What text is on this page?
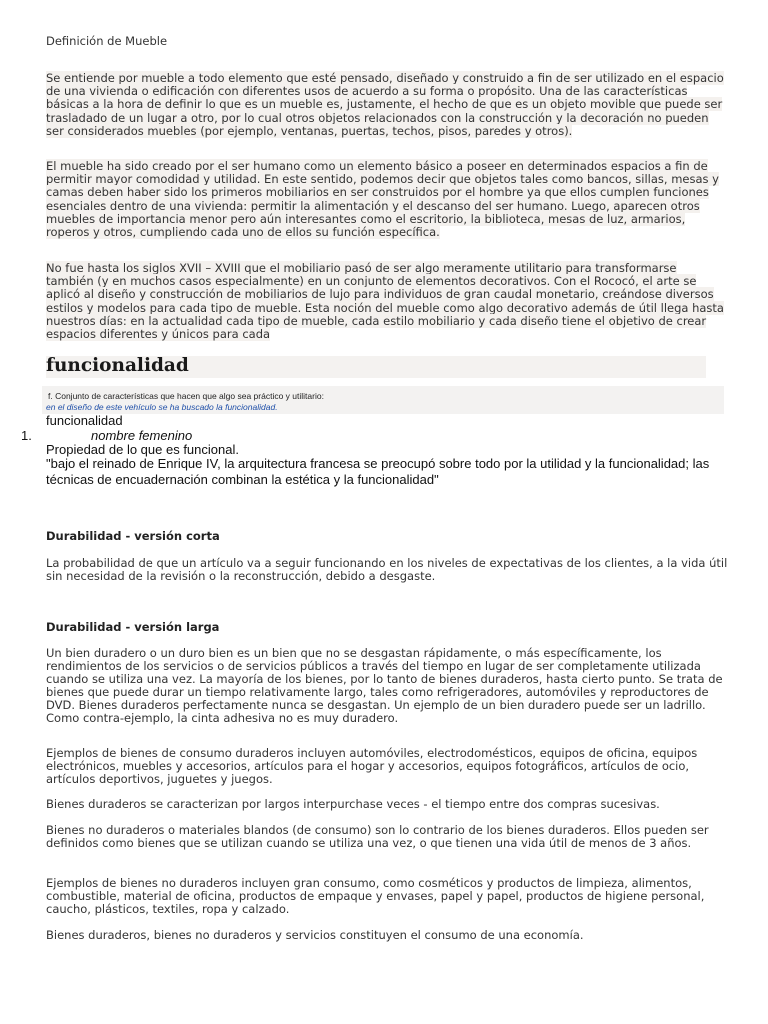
Definición de Mueble

Se entiende por mueble a todo elemento que esté pensado, diseñado y construido a fin de ser utilizado en el espacio de una vivienda o edificación con diferentes usos de acuerdo a su forma o propósito. Una de las características básicas a la hora de definir lo que es un mueble es, justamente, el hecho de que es un objeto movible que puede ser trasladado de un lugar a otro, por lo cual otros objetos relacionados con la construcción y la decoración no pueden ser considerados muebles (por ejemplo, ventanas, puertas, techos, pisos, paredes y otros).

El mueble ha sido creado por el ser humano como un elemento básico a poseer en determinados espacios a fin de permitir mayor comodidad y utilidad. En este sentido, podemos decir que objetos tales como bancos, sillas, mesas y camas deben haber sido los primeros mobiliarios en ser construidos por el hombre ya que ellos cumplen funciones esenciales dentro de una vivienda: permitir la alimentación y el descanso del ser humano. Luego, aparecen otros muebles de importancia menor pero aún interesantes como el escritorio, la biblioteca, mesas de luz, armarios, roperos y otros, cumpliendo cada uno de ellos su función específica.

No fue hasta los siglos XVII – XVIII que el mobiliario pasó de ser algo meramente utilitario para transformarse también (y en muchos casos especialmente) en un conjunto de elementos decorativos. Con el Rococó, el arte se aplicó al diseño y construcción de mobiliarios de lujo para individuos de gran caudal monetario, creándose diversos estilos y modelos para cada tipo de mueble. Esta noción del mueble como algo decorativo además de útil llega hasta nuestros días: en la actualidad cada tipo de mueble, cada estilo mobiliario y cada diseño tiene el objetivo de crear espacios diferentes y únicos para cada

funcionalidad
f. Conjunto de características que hacen que algo sea práctico y utilitario:
en el diseño de este vehículo se ha buscado la funcionalidad.
funcionalidad
1.	nombre femenino
Propiedad de lo que es funcional.
"bajo el reinado de Enrique IV, la arquitectura francesa se preocupó sobre todo por la utilidad y la funcionalidad; las técnicas de encuadernación combinan la estética y la funcionalidad"
Durabilidad - versión corta

La probabilidad de que un artículo va a seguir funcionando en los niveles de expectativas de los clientes, a la vida útil sin necesidad de la revisión o la reconstrucción, debido a desgaste.

Durabilidad - versión larga

Un bien duradero o un duro bien es un bien que no se desgastan rápidamente, o más específicamente, los rendimientos de los servicios o de servicios públicos a través del tiempo en lugar de ser completamente utilizada cuando se utiliza una vez. La mayoría de los bienes, por lo tanto de bienes duraderos, hasta cierto punto. Se trata de bienes que puede durar un tiempo relativamente largo, tales como refrigeradores, automóviles y reproductores de DVD. Bienes duraderos perfectamente nunca se desgastan. Un ejemplo de un bien duradero puede ser un ladrillo. Como contra-ejemplo, la cinta adhesiva no es muy duradero.

Ejemplos de bienes de consumo duraderos incluyen automóviles, electrodomésticos, equipos de oficina, equipos electrónicos, muebles y accesorios, artículos para el hogar y accesorios, equipos fotográficos, artículos de ocio, artículos deportivos, juguetes y juegos.

Bienes duraderos se caracterizan por largos interpurchase veces - el tiempo entre dos compras sucesivas.

Bienes no duraderos o materiales blandos (de consumo) son lo contrario de los bienes duraderos. Ellos pueden ser definidos como bienes que se utilizan cuando se utiliza una vez, o que tienen una vida útil de menos de 3 años.

Ejemplos de bienes no duraderos incluyen gran consumo, como cosméticos y productos de limpieza, alimentos, combustible, material de oficina, productos de empaque y envases, papel y papel, productos de higiene personal, caucho, plásticos, textiles, ropa y calzado.

Bienes duraderos, bienes no duraderos y servicios constituyen el consumo de una economía.
